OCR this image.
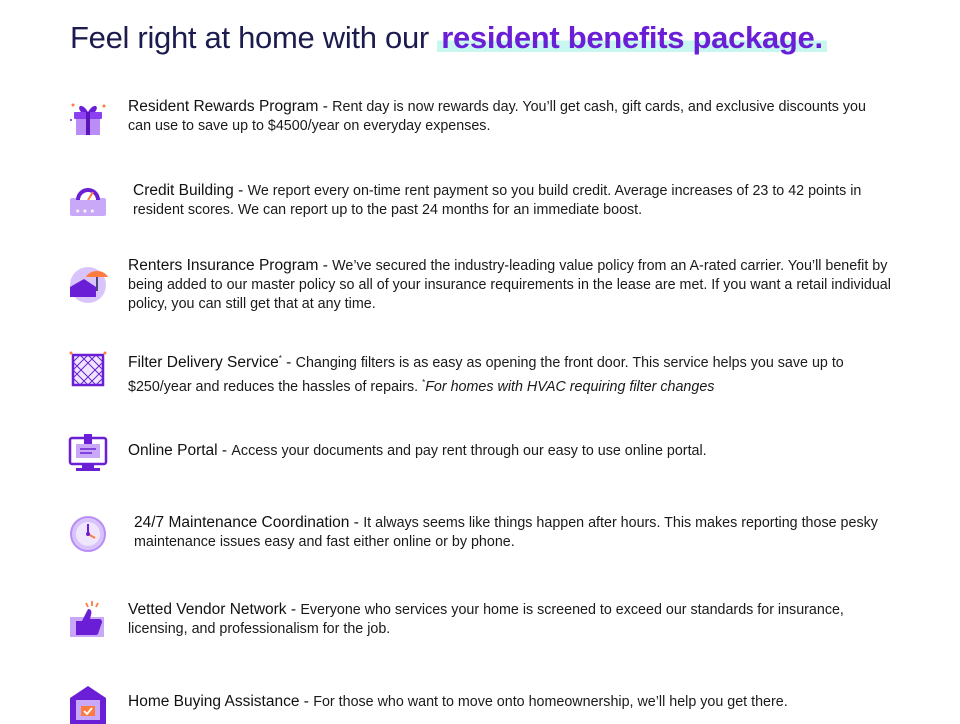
Feel right at home with our resident benefits package.
Resident Rewards Program - Rent day is now rewards day. You’ll get cash, gift cards, and exclusive discounts you can use to save up to $4500/year on everyday expenses.
★ ★ ★
Credit Building - We report every on-time rent payment so you build credit. Average increases of 23 to 42 points in resident scores. We can report up to the past 24 months for an immediate boost.
Renters Insurance Program - We’ve secured the industry-leading value policy from an A-rated carrier. You’ll benefit by being added to our master policy so all of your insurance requirements in the lease are met. If you want a retail individual policy, you can still get that at any time.
Filter Delivery Service* - Changing filters is as easy as opening the front door. This service helps you save up to $250/year and reduces the hassles of repairs. *For homes with HVAC requiring filter changes
Online Portal - Access your documents and pay rent through our easy to use online portal.
24/7 Maintenance Coordination - It always seems like things happen after hours. This makes reporting those pesky maintenance issues easy and fast either online or by phone.
Vetted Vendor Network - Everyone who services your home is screened to exceed our standards for insurance, licensing, and professionalism for the job.
Home Buying Assistance - For those who want to move onto homeownership, we’ll help you get there.
